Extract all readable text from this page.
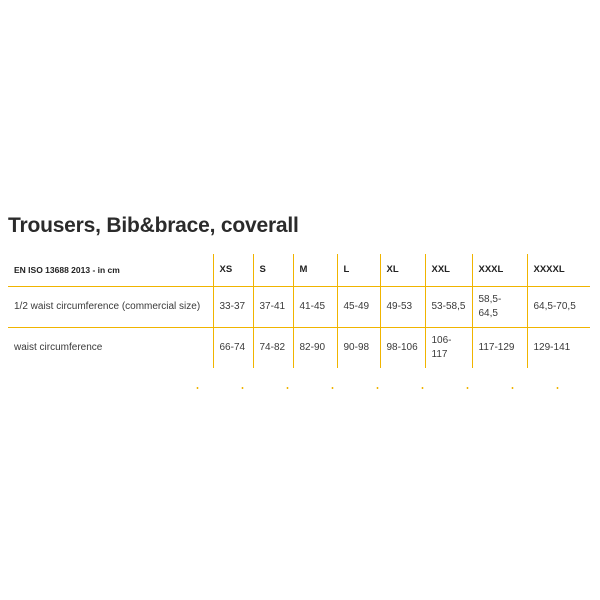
Trousers, Bib&brace, coverall
EN ISO 13688 2013 - in cm	XS	S	M	L	XL	XXL	XXXL	XXXXL
1/2 waist circumference (commercial size)	33-37	37-41	41-45	45-49	49-53	53-58,5	58,5-64,5	64,5-70,5
waist circumference	66-74	74-82	82-90	90-98	98-106	106-117	117-129	129-141
